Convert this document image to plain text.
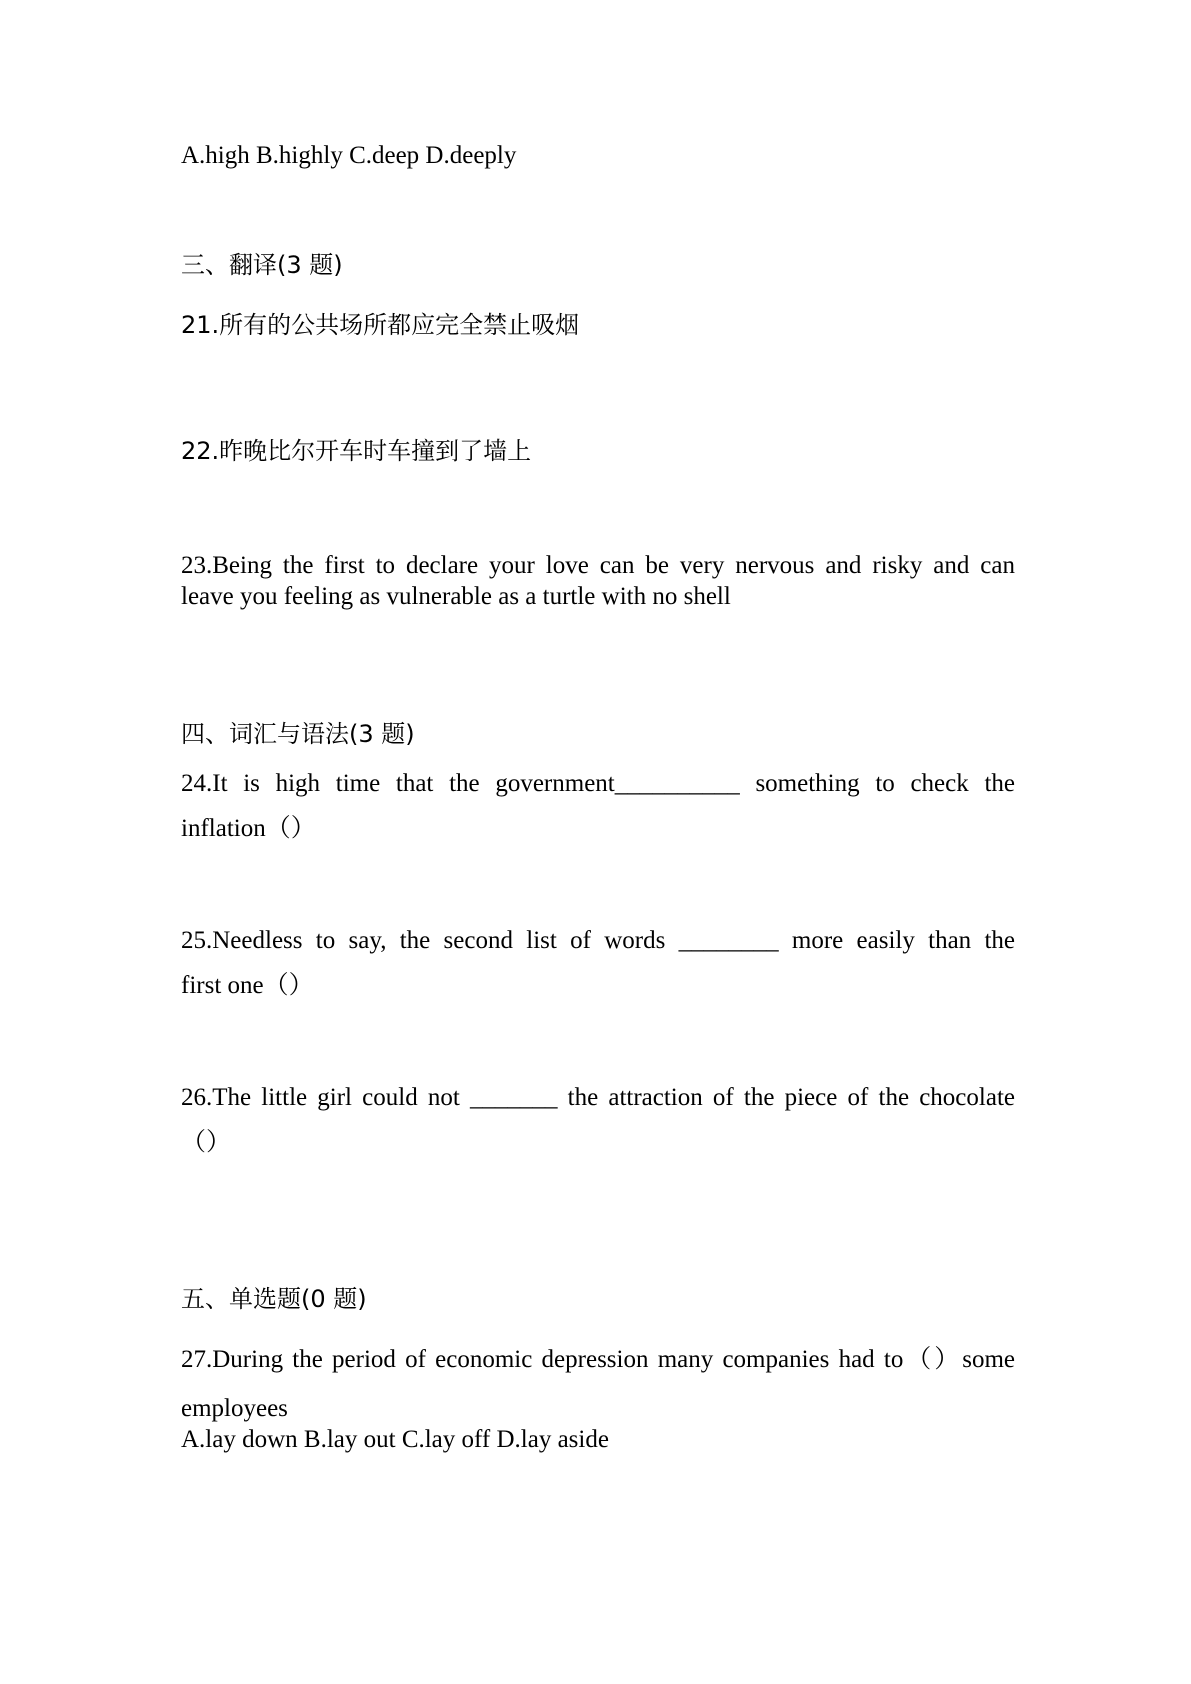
A.high B.highly C.deep D.deeply
三、翻译(3 题)
21.所有的公共场所都应完全禁止吸烟
22.昨晚比尔开车时车撞到了墙上
23.Being the first to declare your love can be very nervous and risky and can
leave you feeling as vulnerable as a turtle with no shell
四、词汇与语法(3 题)
24.It is high time that the government__________ something to check the
inflation（）
25.Needless to say, the second list of words ________ more easily than the
first one（）
26.The little girl could not _______ the attraction of the piece of the chocolate
（）
五、单选题(0 题)
27.During the period of economic depression many companies had to（）some
employees
A.lay down B.lay out C.lay off D.lay aside
